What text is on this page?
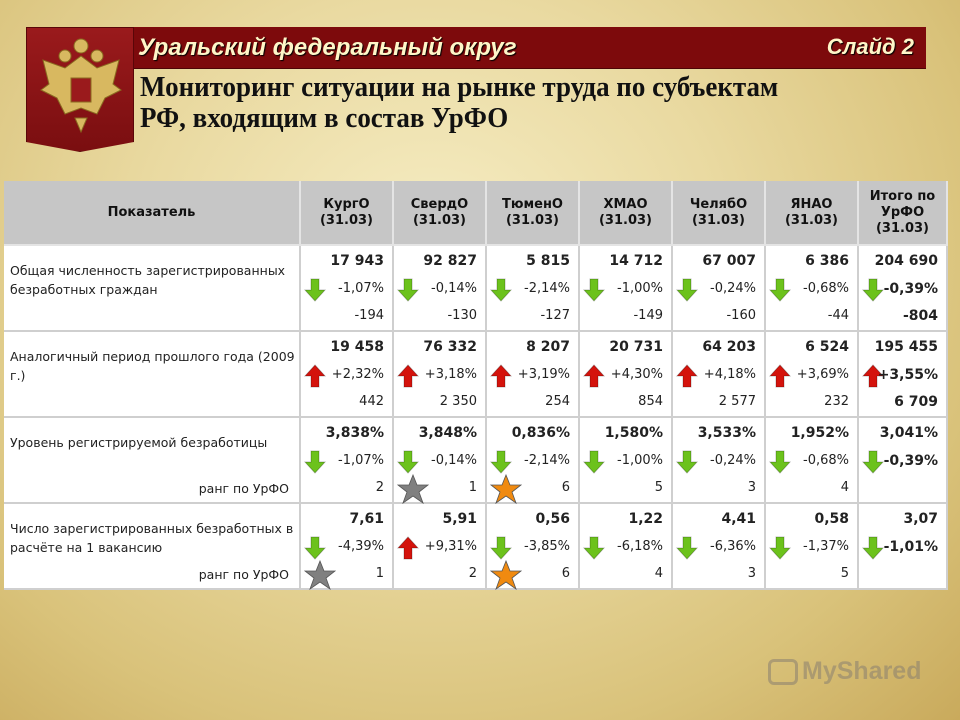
Уральский федеральный округ	Слайд 2
Мониторинг ситуации на рынке труда по субъектам
РФ, входящим в состав УрФО
Показатель
КургО
(31.03)
СвердО
(31.03)
ТюменО
(31.03)
ХМАО
(31.03)
ЧелябО
(31.03)
ЯНАО
(31.03)
Итого по
УрФО
(31.03)
Общая численность зарегистрированных безработных граждан
17 943
-1,07%
-194
92 827
-0,14%
-130
5 815
-2,14%
-127
14 712
-1,00%
-149
67 007
-0,24%
-160
6 386
-0,68%
-44
204 690
-0,39%
-804
Аналогичный период прошлого года (2009 г.)
19 458
+2,32%
442
76 332
+3,18%
2 350
8 207
+3,19%
254
20 731
+4,30%
854
64 203
+4,18%
2 577
6 524
+3,69%
232
195 455
+3,55%
6 709
Уровень регистрируемой безработицы
ранг по УрФО
3,838%
-1,07%
2
3,848%
-0,14%
1
0,836%
-2,14%
6
1,580%
-1,00%
5
3,533%
-0,24%
3
1,952%
-0,68%
4
3,041%
-0,39%
Число зарегистрированных безработных в расчёте на 1 вакансию
ранг по УрФО
7,61
-4,39%
1
5,91
+9,31%
2
0,56
-3,85%
6
1,22
-6,18%
4
4,41
-6,36%
3
0,58
-1,37%
5
3,07
-1,01%
MyShared
